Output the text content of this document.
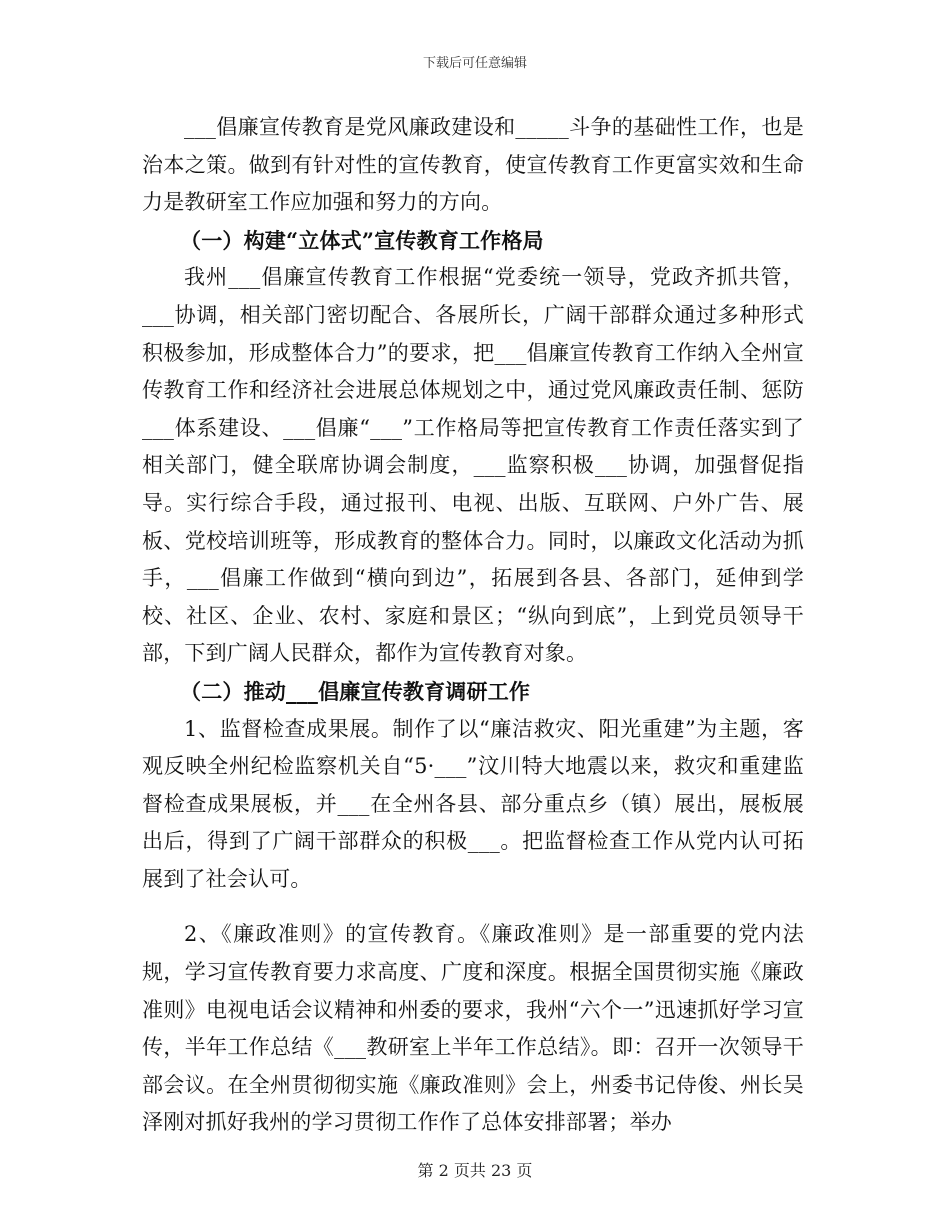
下载后可任意编辑

___倡廉宣传教育是党风廉政建设和_____斗争的基础性工作，也是治本之策。做到有针对性的宣传教育，使宣传教育工作更富实效和生命力是教研室工作应加强和努力的方向。

（一）构建“立体式”宣传教育工作格局

我州___倡廉宣传教育工作根据“党委统一领导，党政齐抓共管，___协调，相关部门密切配合、各展所长，广阔干部群众通过多种形式积极参加，形成整体合力”的要求，把___倡廉宣传教育工作纳入全州宣传教育工作和经济社会进展总体规划之中，通过党风廉政责任制、惩防___体系建设、___倡廉“___”工作格局等把宣传教育工作责任落实到了相关部门，健全联席协调会制度，___监察积极___协调，加强督促指导。实行综合手段，通过报刊、电视、出版、互联网、户外广告、展板、党校培训班等，形成教育的整体合力。同时，以廉政文化活动为抓手，___倡廉工作做到“横向到边”，拓展到各县、各部门，延伸到学校、社区、企业、农村、家庭和景区；“纵向到底”，上到党员领导干部，下到广阔人民群众，都作为宣传教育对象。

（二）推动___倡廉宣传教育调研工作

1、监督检查成果展。制作了以“廉洁救灾、阳光重建”为主题，客观反映全州纪检监察机关自“5·___”汶川特大地震以来，救灾和重建监督检查成果展板，并___在全州各县、部分重点乡（镇）展出，展板展出后，得到了广阔干部群众的积极___。把监督检查工作从党内认可拓展到了社会认可。

2、《廉政准则》的宣传教育。《廉政准则》是一部重要的党内法规，学习宣传教育要力求高度、广度和深度。根据全国贯彻实施《廉政准则》电视电话会议精神和州委的要求，我州“六个一”迅速抓好学习宣传，半年工作总结《___教研室上半年工作总结》。即：召开一次领导干部会议。在全州贯彻彻实施《廉政准则》会上，州委书记侍俊、州长吴泽刚对抓好我州的学习贯彻工作作了总体安排部署；举办

第 2 页共 23 页
